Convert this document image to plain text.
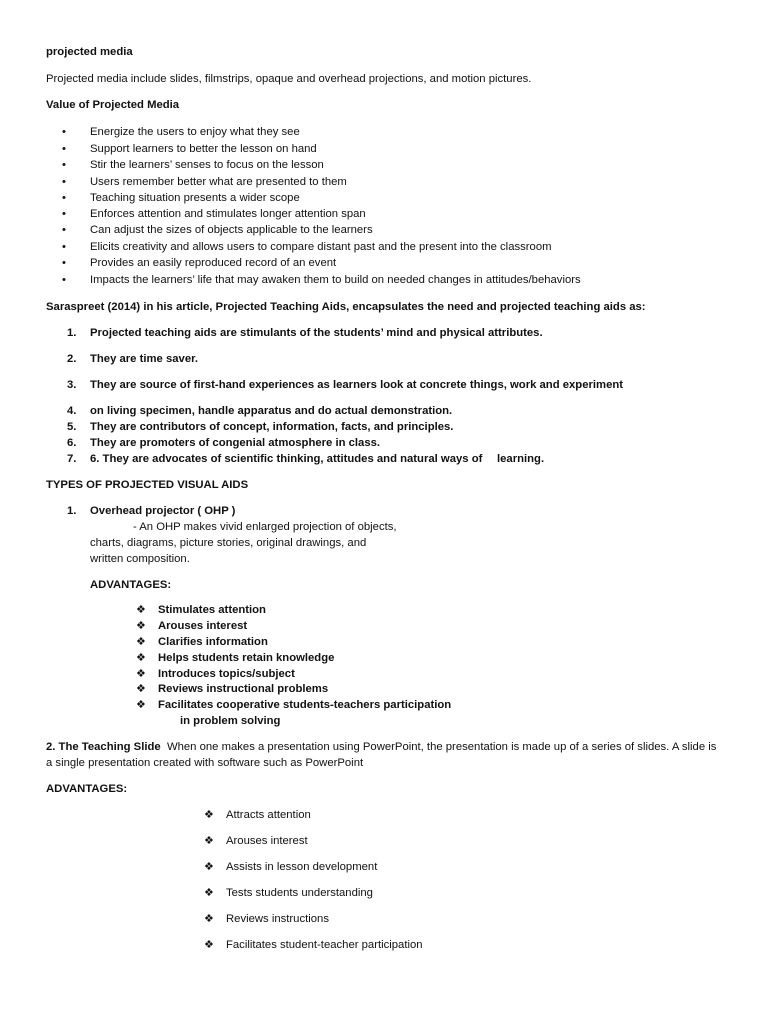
projected media
Projected media include slides, filmstrips, opaque and overhead projections, and motion pictures.
Value of Projected Media
• Energize the users to enjoy what they see
• Support learners to better the lesson on hand
• Stir the learners’ senses to focus on the lesson
• Users remember better what are presented to them
• Teaching situation presents a wider scope
• Enforces attention and stimulates longer attention span
• Can adjust the sizes of objects applicable to the learners
• Elicits creativity and allows users to compare distant past and the present into the classroom
• Provides an easily reproduced record of an event
• Impacts the learners’ life that may awaken them to build on needed changes in attitudes/behaviors
Saraspreet (2014) in his article, Projected Teaching Aids, encapsulates the need and projected teaching aids as:
1. Projected teaching aids are stimulants of the students’ mind and physical attributes.
2. They are time saver.
3. They are source of first-hand experiences as learners look at concrete things, work and experiment
4. on living specimen, handle apparatus and do actual demonstration.
5. They are contributors of concept, information, facts, and principles.
6. They are promoters of congenial atmosphere in class.
7. 6. They are advocates of scientific thinking, attitudes and natural ways of learning.
TYPES OF PROJECTED VISUAL AIDS
1. Overhead projector ( OHP )
- An OHP makes vivid enlarged projection of objects,
charts, diagrams, picture stories, original drawings, and
written composition.
ADVANTAGES:
❖ Stimulates attention
❖ Arouses interest
❖ Clarifies information
❖ Helps students retain knowledge
❖ Introduces topics/subject
❖ Reviews instructional problems
❖ Facilitates cooperative students-teachers participation
in problem solving
2. The Teaching Slide When one makes a presentation using PowerPoint, the presentation is made up of a series of slides. A slide is
a single presentation created with software such as PowerPoint
ADVANTAGES:
❖ Attracts attention
❖ Arouses interest
❖ Assists in lesson development
❖ Tests students understanding
❖ Reviews instructions
❖ Facilitates student-teacher participation
